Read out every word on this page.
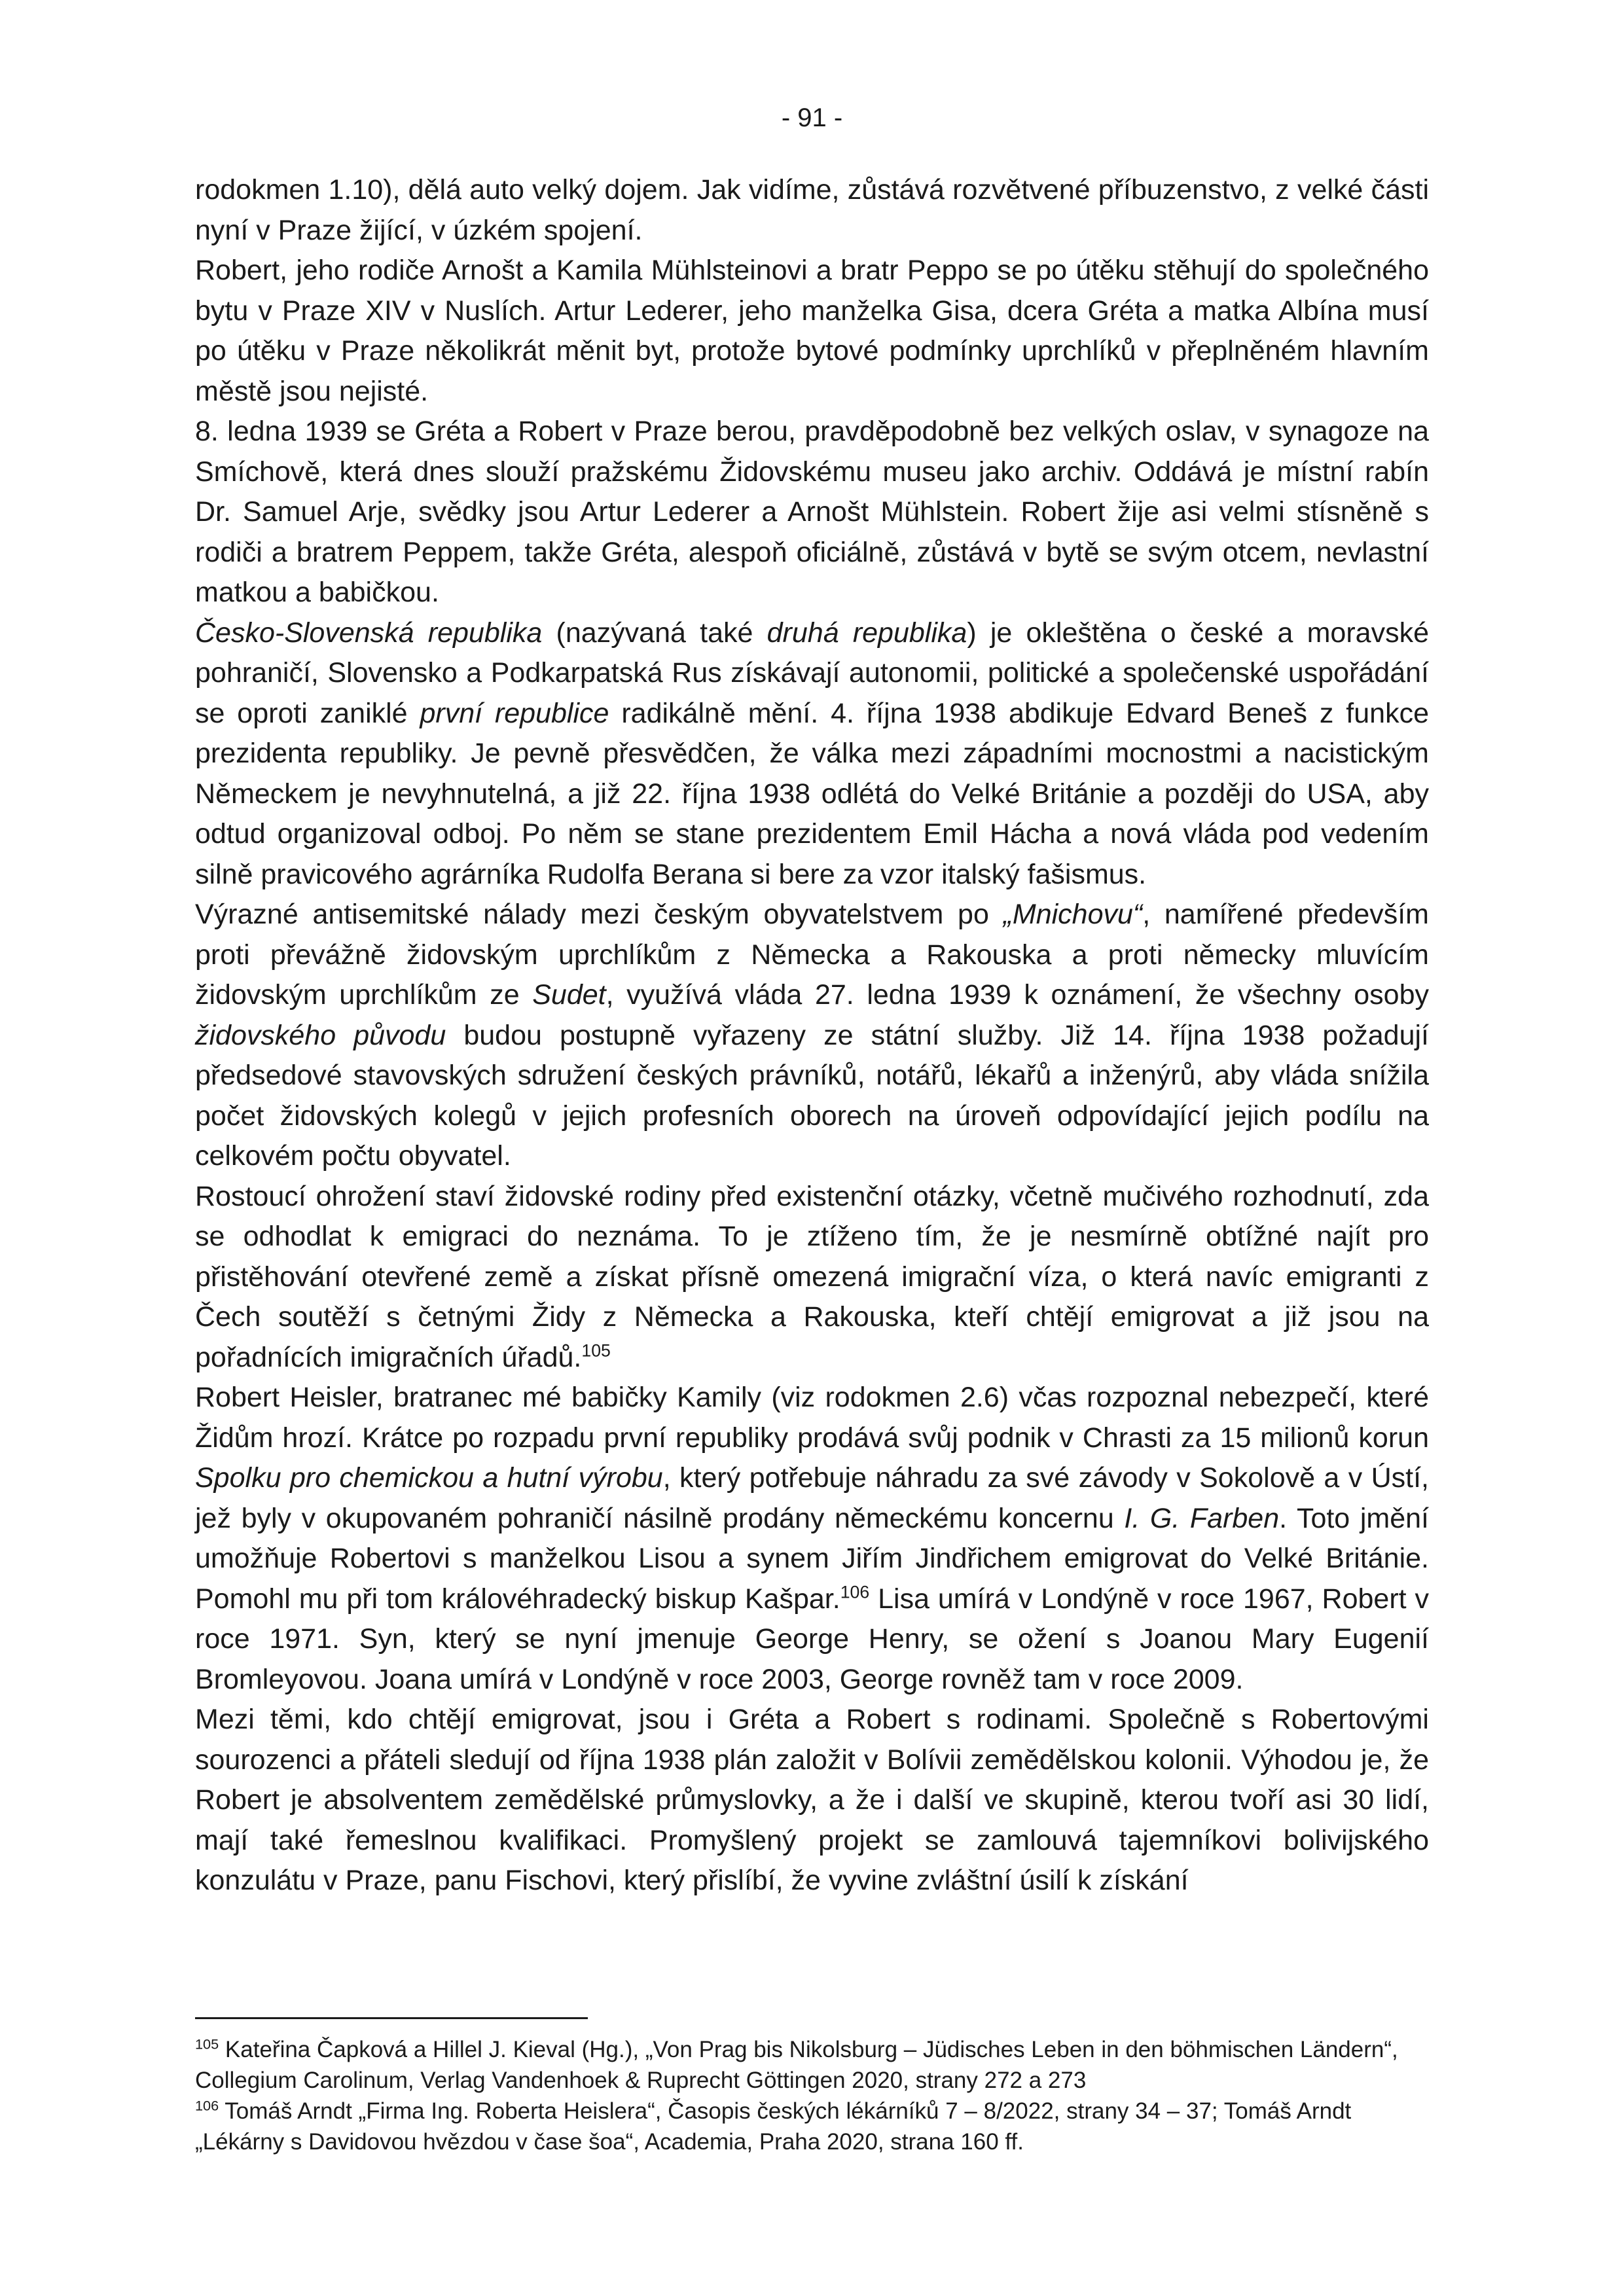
- 91 -

rodokmen 1.10), dělá auto velký dojem. Jak vidíme, zůstává rozvětvené příbuzenstvo, z velké části nyní v Praze žijící, v úzkém spojení.

Robert, jeho rodiče Arnošt a Kamila Mühlsteinovi a bratr Peppo se po útěku stěhují do společného bytu v Praze XIV v Nuslích. Artur Lederer, jeho manželka Gisa, dcera Gréta a matka Albína musí po útěku v Praze několikrát měnit byt, protože bytové podmínky uprchlíků v přeplněném hlavním městě jsou nejisté.

8. ledna 1939 se Gréta a Robert v Praze berou, pravděpodobně bez velkých oslav, v synagoze na Smíchově, která dnes slouží pražskému Židovskému museu jako archiv. Oddává je místní rabín Dr. Samuel Arje, svědky jsou Artur Lederer a Arnošt Mühlstein. Robert žije asi velmi stísněně s rodiči a bratrem Peppem, takže Gréta, alespoň oficiálně, zůstává v bytě se svým otcem, nevlastní matkou a babičkou.

Česko-Slovenská republika (nazývaná také druhá republika) je okleštěna o české a moravské pohraničí, Slovensko a Podkarpatská Rus získávají autonomii, politické a společenské uspořádání se oproti zaniklé první republice radikálně mění. 4. října 1938 abdikuje Edvard Beneš z funkce prezidenta republiky. Je pevně přesvědčen, že válka mezi západními mocnostmi a nacistickým Německem je nevyhnutelná, a již 22. října 1938 odlétá do Velké Británie a později do USA, aby odtud organizoval odboj. Po něm se stane prezidentem Emil Hácha a nová vláda pod vedením silně pravicového agrárníka Rudolfa Berana si bere za vzor italský fašismus.

Výrazné antisemitské nálady mezi českým obyvatelstvem po „Mnichovu“, namířené především proti převážně židovským uprchlíkům z Německa a Rakouska a proti německy mluvícím židovským uprchlíkům ze Sudet, využívá vláda 27. ledna 1939 k oznámení, že všechny osoby židovského původu budou postupně vyřazeny ze státní služby. Již 14. října 1938 požadují předsedové stavovských sdružení českých právníků, notářů, lékařů a inženýrů, aby vláda snížila počet židovských kolegů v jejich profesních oborech na úroveň odpovídající jejich podílu na celkovém počtu obyvatel.

Rostoucí ohrožení staví židovské rodiny před existenční otázky, včetně mučivého rozhodnutí, zda se odhodlat k emigraci do neznáma. To je ztíženo tím, že je nesmírně obtížné najít pro přistěhování otevřené země a získat přísně omezená imigrační víza, o která navíc emigranti z Čech soutěží s četnými Židy z Německa a Rakouska, kteří chtějí emigrovat a již jsou na pořadnících imigračních úřadů.$^{105}$

Robert Heisler, bratranec mé babičky Kamily (viz rodokmen 2.6) včas rozpoznal nebezpečí, které Židům hrozí. Krátce po rozpadu první republiky prodává svůj podnik v Chrasti za 15 milionů korun Spolku pro chemickou a hutní výrobu, který potřebuje náhradu za své závody v Sokolově a v Ústí, jež byly v okupovaném pohraničí násilně prodány německému koncernu I. G. Farben. Toto jmění umožňuje Robertovi s manželkou Lisou a synem Jiřím Jindřichem emigrovat do Velké Británie. Pomohl mu při tom královéhradecký biskup Kašpar.$^{106}$ Lisa umírá v Londýně v roce 1967, Robert v roce 1971. Syn, který se nyní jmenuje George Henry, se ožení s Joanou Mary Eugenií Bromleyovou. Joana umírá v Londýně v roce 2003, George rovněž tam v roce 2009.

Mezi těmi, kdo chtějí emigrovat, jsou i Gréta a Robert s rodinami. Společně s Robertovými sourozenci a přáteli sledují od října 1938 plán založit v Bolívii zemědělskou kolonii. Výhodou je, že Robert je absolventem zemědělské průmyslovky, a že i další ve skupině, kterou tvoří asi 30 lidí, mají také řemeslnou kvalifikaci. Promyšlený projekt se zamlouvá tajemníkovi bolivijského konzulátu v Praze, panu Fischovi, který přislíbí, že vyvine zvláštní úsilí k získání

$^{105}$ Kateřina Čapková a Hillel J. Kieval (Hg.), „Von Prag bis Nikolsburg – Jüdisches Leben in den böhmischen Ländern“, Collegium Carolinum, Verlag Vandenhoek & Ruprecht Göttingen 2020, strany 272 a 273

$^{106}$ Tomáš Arndt „Firma Ing. Roberta Heislera“, Časopis českých lékárníků 7 – 8/2022, strany 34 – 37; Tomáš Arndt „Lékárny s Davidovou hvězdou v čase šoa“, Academia, Praha 2020, strana 160 ff.
